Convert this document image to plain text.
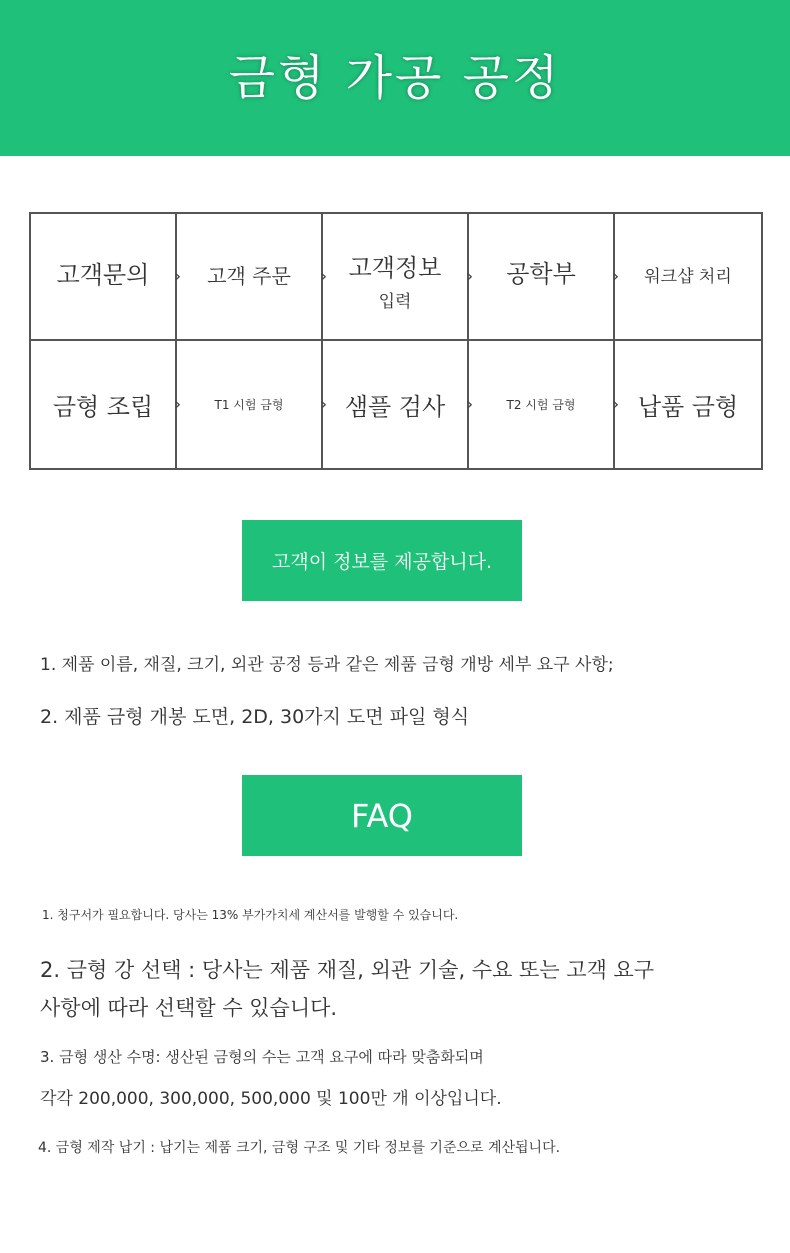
금형 가공 공정
고객문의 › 고객 주문 › 고객정보
입력
› 공학부 › 워크샵 처리
금형 조립 ›	T1 시험 금형 › 샘플 검사 ›	T2 시험 금형 › 납품 금형
고객이 정보를 제공합니다.
1. 제품 이름, 재질, 크기, 외관 공정 등과 같은 제품 금형 개방 세부 요구 사항;
2. 제품 금형 개봉 도면, 2D, 30가지 도면 파일 형식
FAQ
1. 청구서가 필요합니다. 당사는 13% 부가가치세 계산서를 발행할 수 있습니다.
2. 금형 강 선택 : 당사는 제품 재질, 외관 기술, 수요 또는 고객 요구
사항에 따라 선택할 수 있습니다.
3. 금형 생산 수명: 생산된 금형의 수는 고객 요구에 따라 맞춤화되며
각각 200,000, 300,000, 500,000 및 100만 개 이상입니다.
4. 금형 제작 납기 : 납기는 제품 크기, 금형 구조 및 기타 정보를 기준으로 계산됩니다.
